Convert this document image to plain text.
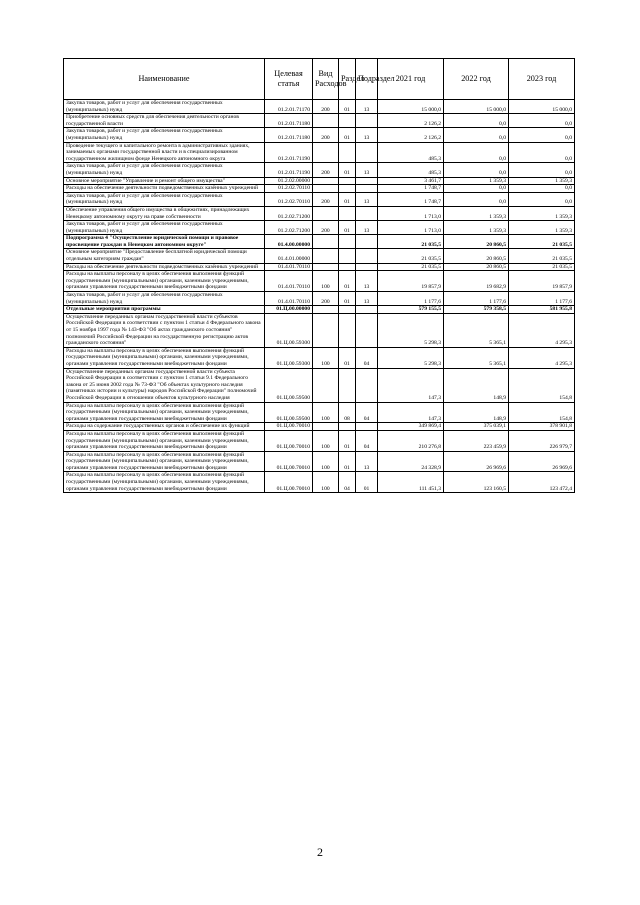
Наименование	Целевая статья	Вид Расходов	Раздел	Подраздел	2021 год	2022 год	2023 год
Закупка товаров, работ и услуг для обеспечения государственных (муниципальных) нужд	01.2.01.71170	200	01	13	15 000,0	15 000,0	15 000,0
Приобретение основных средств для обеспечения деятельности органов государственной власти	01.2.01.71180				2 126,2	0,0	0,0
Закупка товаров, работ и услуг для обеспечения государственных (муниципальных) нужд	01.2.01.71180	200	01	13	2 126,2	0,0	0,0
Проведение текущего и капитального ремонта в административных зданиях, занимаемых органами государственной власти и в специализированном государственном жилищном фонде Ненецкого автономного округа	01.2.01.71190				485,3	0,0	0,0
Закупка товаров, работ и услуг для обеспечения государственных (муниципальных) нужд	01.2.01.71190	200	01	13	485,3	0,0	0,0
Основное мероприятие "Управление и ремонт общего имущества"	01.2.02.00000				3 461,7	1 359,3	1 359,3
Расходы на обеспечение деятельности подведомственных казённых учреждений	01.2.02.70110				1 748,7	0,0	0,0
Закупка товаров, работ и услуг для обеспечения государственных (муниципальных) нужд	01.2.02.70110	200	01	13	1 748,7	0,0	0,0
Обеспечение управления общего имущества в общежитиях, принадлежащих Ненецкому автономному округу на праве собственности	01.2.02.71200				1 713,0	1 359,3	1 359,3
Закупка товаров, работ и услуг для обеспечения государственных (муниципальных) нужд	01.2.02.71200	200	01	13	1 713,0	1 359,3	1 359,3
Подпрограмма 4 "Осуществление юридической помощи и правовое просвещение граждан в Ненецком автономном округе"	01.4.00.00000				21 035,5	20 860,5	21 035,5
Основное мероприятие "Предоставление бесплатной юридической помощи отдельным категориям граждан"	01.4.01.00000				21 035,5	20 860,5	21 035,5
Расходы на обеспечение деятельности подведомственных казённых учреждений	01.4.01.70110				21 035,5	20 860,5	21 035,5
Расходы на выплаты персоналу в целях обеспечения выполнения функций государственными (муниципальными) органами, казенными учреждениями, органами управления государственными внебюджетными фондами	01.4.01.70110	100	01	13	19 857,9	19 682,9	19 857,9
Закупка товаров, работ и услуг для обеспечения государственных (муниципальных) нужд	01.4.01.70110	200	01	13	1 177,6	1 177,6	1 177,6
Отдельные мероприятия программы	01.Ц.00.00000				579 155,5	579 358,5	581 955,8
Осуществление переданных органам государственной власти субъектов Российской Федерации в соответствии с пунктом 1 статьи 4 Федерального закона от 15 ноября 1997 года № 143-ФЗ "Об актах гражданского состояния" полномочий Российской Федерации на государственную регистрацию актов гражданского состояния"	01.Ц.00.59300				5 298,3	5 365,1	4 295,3
Расходы на выплаты персоналу в целях обеспечения выполнения функций государственными (муниципальными) органами, казенными учреждениями, органами управления государственными внебюджетными фондами	01.Ц.00.59300	100	01	04	5 298,3	5 365,1	4 295,3
Осуществление переданных органам государственной власти субъекта Российской Федерации в соответствии с пунктом 1 статьи 9.1 Федерального закона от 25 июня 2002 года № 73-ФЗ "Об объектах культурного наследия (памятниках истории и культуры) народов Российской Федерации" полномочий Российской Федерации в отношении объектов культурного наследия	01.Ц.00.59500				147,3	148,9	154,8
Расходы на выплаты персоналу в целях обеспечения выполнения функций государственными (муниципальными) органами, казенными учреждениями, органами управления государственными внебюджетными фондами	01.Ц.00.59500	100	08	04	147,3	148,9	154,8
Расходы на содержание государственных органов и обеспечение их функций	01.Ц.00.70010				349 869,4	375 039,1	378 901,8
Расходы на выплаты персоналу в целях обеспечения выполнения функций государственными (муниципальными) органами, казенными учреждениями, органами управления государственными внебюджетными фондами	01.Ц.00.70010	100	01	04	210 276,8	223 459,9	226 979,7
Расходы на выплаты персоналу в целях обеспечения выполнения функций государственными (муниципальными) органами, казенными учреждениями, органами управления государственными внебюджетными фондами	01.Ц.00.70010	100	01	13	24 328,9	26 969,6	26 969,6
Расходы на выплаты персоналу в целях обеспечения выполнения функций государственными (муниципальными) органами, казенными учреждениями, органами управления государственными внебюджетными фондами	01.Ц.00.70010	100	04	01	111 451,3	123 160,5	123 472,4
2
